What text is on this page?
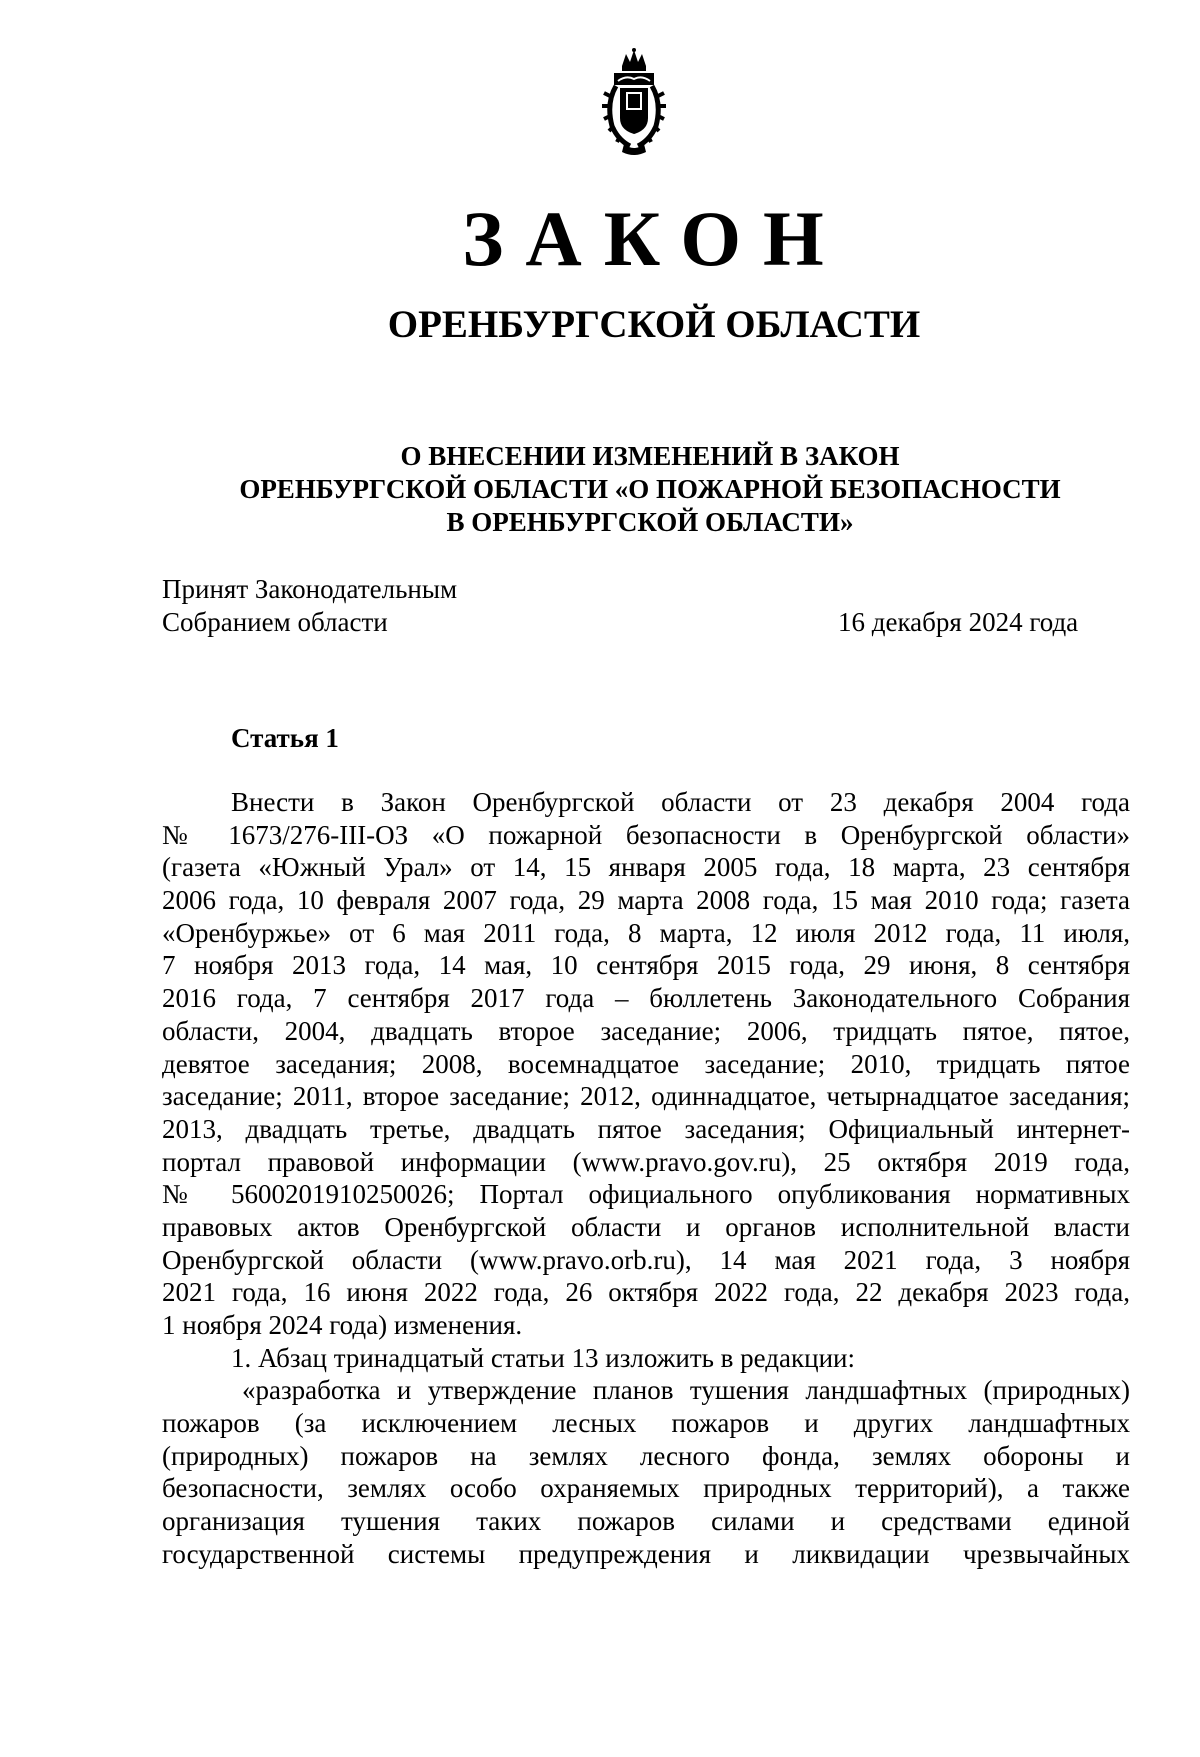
ЗАКОН
ОРЕНБУРГСКОЙ ОБЛАСТИ
О ВНЕСЕНИИ ИЗМЕНЕНИЙ В ЗАКОН
ОРЕНБУРГСКОЙ ОБЛАСТИ «О ПОЖАРНОЙ БЕЗОПАСНОСТИ
В ОРЕНБУРГСКОЙ ОБЛАСТИ»
Принят Законодательным
Собранием области	16 декабря 2024 года
Статья 1
Внести в Закон Оренбургской области от 23 декабря 2004 года
№ 1673/276-III-ОЗ «О пожарной безопасности в Оренбургской области»
(газета «Южный Урал» от 14, 15 января 2005 года, 18 марта, 23 сентября
2006 года, 10 февраля 2007 года, 29 марта 2008 года, 15 мая 2010 года; газета
«Оренбуржье» от 6 мая 2011 года, 8 марта, 12 июля 2012 года, 11 июля,
7 ноября 2013 года, 14 мая, 10 сентября 2015 года, 29 июня, 8 сентября
2016 года, 7 сентября 2017 года – бюллетень Законодательного Собрания
области, 2004, двадцать второе заседание; 2006, тридцать пятое, пятое,
девятое заседания; 2008, восемнадцатое заседание; 2010, тридцать пятое
заседание; 2011, второе заседание; 2012, одиннадцатое, четырнадцатое заседания;
2013, двадцать третье, двадцать пятое заседания; Официальный интернет-
портал правовой информации (www.pravo.gov.ru), 25 октября 2019 года,
№ 5600201910250026; Портал официального опубликования нормативных
правовых актов Оренбургской области и органов исполнительной власти
Оренбургской области (www.pravo.orb.ru), 14 мая 2021 года, 3 ноября
2021 года, 16 июня 2022 года, 26 октября 2022 года, 22 декабря 2023 года,
1 ноября 2024 года) изменения.
1. Абзац тринадцатый статьи 13 изложить в редакции:
«разработка и утверждение планов тушения ландшафтных (природных)
пожаров (за исключением лесных пожаров и других ландшафтных
(природных) пожаров на землях лесного фонда, землях обороны и
безопасности, землях особо охраняемых природных территорий), а также
организация тушения таких пожаров силами и средствами единой
государственной системы предупреждения и ликвидации чрезвычайных
